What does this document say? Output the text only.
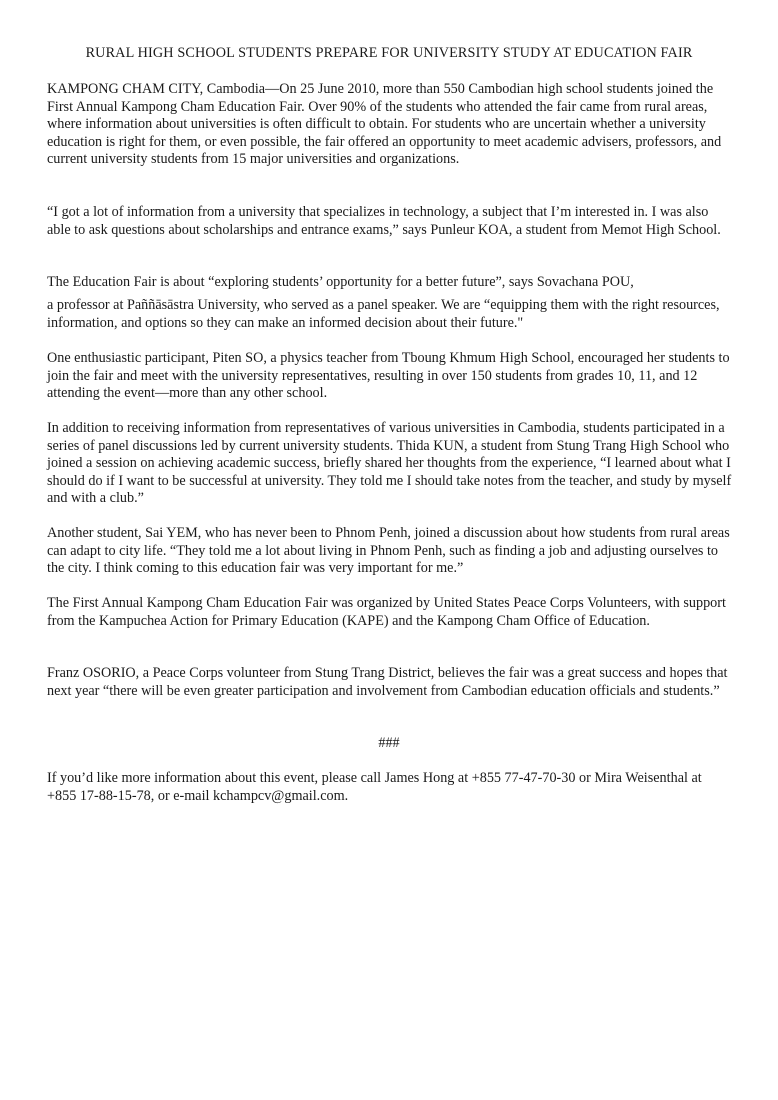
RURAL HIGH SCHOOL STUDENTS PREPARE FOR UNIVERSITY STUDY AT EDUCATION FAIR

KAMPONG CHAM CITY, Cambodia—On 25 June 2010, more than 550 Cambodian high school students joined the First Annual Kampong Cham Education Fair. Over 90% of the students who attended the fair came from rural areas, where information about universities is often difficult to obtain. For students who are uncertain whether a university education is right for them, or even possible, the fair offered an opportunity to meet academic advisers, professors, and current university students from 15 major universities and organizations.

“I got a lot of information from a university that specializes in technology, a subject that I’m interested in. I was also able to ask questions about scholarships and entrance exams,” says Punleur KOA, a student from Memot High School.

The Education Fair is about “exploring students’ opportunity for a better future”, says Sovachana POU,

a professor at Paññāsāstra University, who served as a panel speaker. We are “equipping them with the right resources, information, and options so they can make an informed decision about their future."

One enthusiastic participant, Piten SO, a physics teacher from Tboung Khmum High School, encouraged her students to join the fair and meet with the university representatives, resulting in over 150 students from grades 10, 11, and 12 attending the event—more than any other school.

In addition to receiving information from representatives of various universities in Cambodia, students participated in a series of panel discussions led by current university students. Thida KUN, a student from Stung Trang High School who joined a session on achieving academic success, briefly shared her thoughts from the experience, “I learned about what I should do if I want to be successful at university. They told me I should take notes from the teacher, and study by myself and with a club.”

Another student, Sai YEM, who has never been to Phnom Penh, joined a discussion about how students from rural areas can adapt to city life. “They told me a lot about living in Phnom Penh, such as finding a job and adjusting ourselves to the city. I think coming to this education fair was very important for me.”

The First Annual Kampong Cham Education Fair was organized by United States Peace Corps Volunteers, with support from the Kampuchea Action for Primary Education (KAPE) and the Kampong Cham Office of Education.

Franz OSORIO, a Peace Corps volunteer from Stung Trang District, believes the fair was a great success and hopes that next year “there will be even greater participation and involvement from Cambodian education officials and students.”

###

If you’d like more information about this event, please call James Hong at +855 77-47-70-30 or Mira Weisenthal at +855 17-88-15-78, or e-mail kchampcv@gmail.com.
